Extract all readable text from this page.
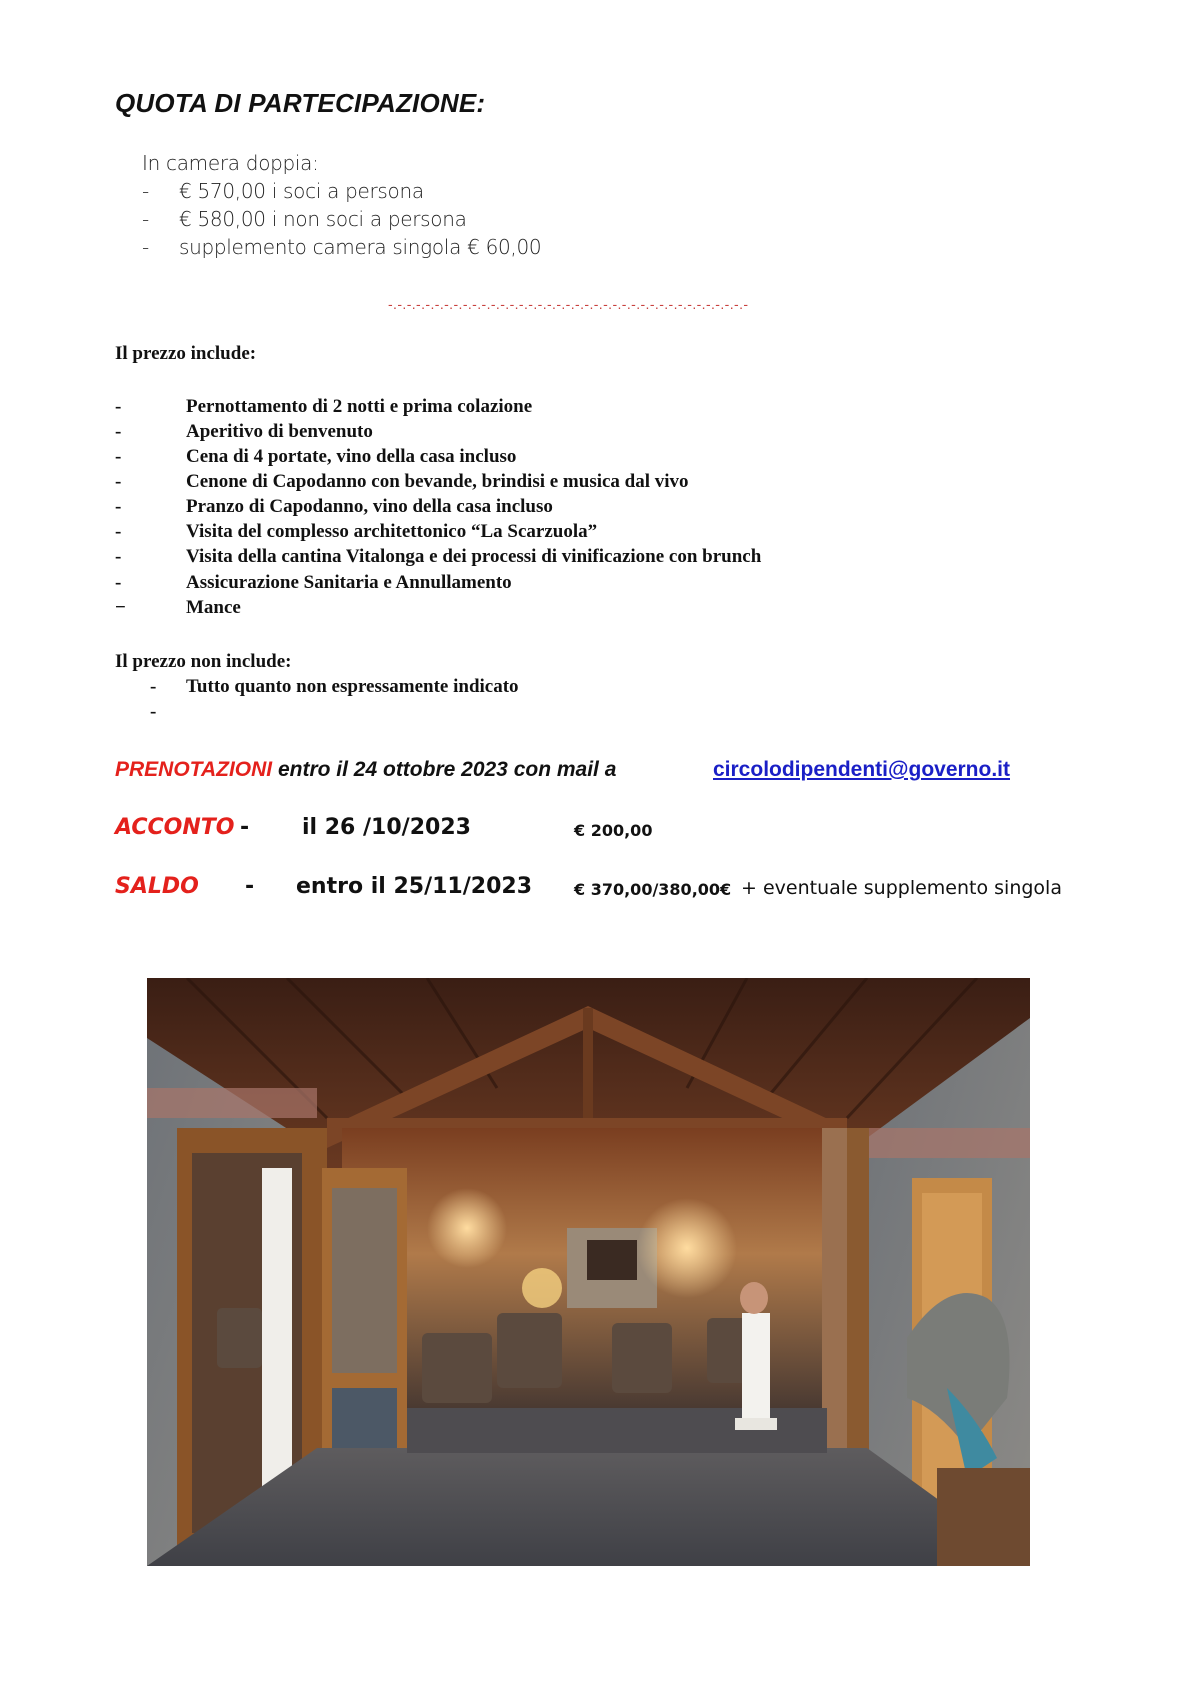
QUOTA DI PARTECIPAZIONE:
In camera doppia:
- € 570,00 i soci a persona
- € 580,00 i non soci a persona
- supplemento camera singola € 60,00
-.-.-.-.-.-.-.-.-.-.-.-.-.-.-.-.-.-.-.-.-.-.-.-.-.-.-.-.-.-.-.-.-.-.-.-.-.-.-
Il prezzo include:
-	Pernottamento di 2 notti e prima colazione
-	Aperitivo di benvenuto
-	Cena di 4 portate, vino della casa incluso
-	Cenone di Capodanno con bevande, brindisi e musica dal vivo
-	Pranzo di Capodanno, vino della casa incluso
-	Visita del complesso architettonico “La Scarzuola”
-	Visita della cantina Vitalonga e dei processi di vinificazione con brunch
-	Assicurazione Sanitaria e Annullamento
−	Mance
Il prezzo non include:
- Tutto quanto non espressamente indicato
-
PRENOTAZIONI entro il 24 ottobre 2023 con mail a	circolodipendenti@governo.it
ACCONTO - il 26 /10/2023	€ 200,00
SALDO - entro il 25/11/2023	€ 370,00/380,00€ + eventuale supplemento singola
